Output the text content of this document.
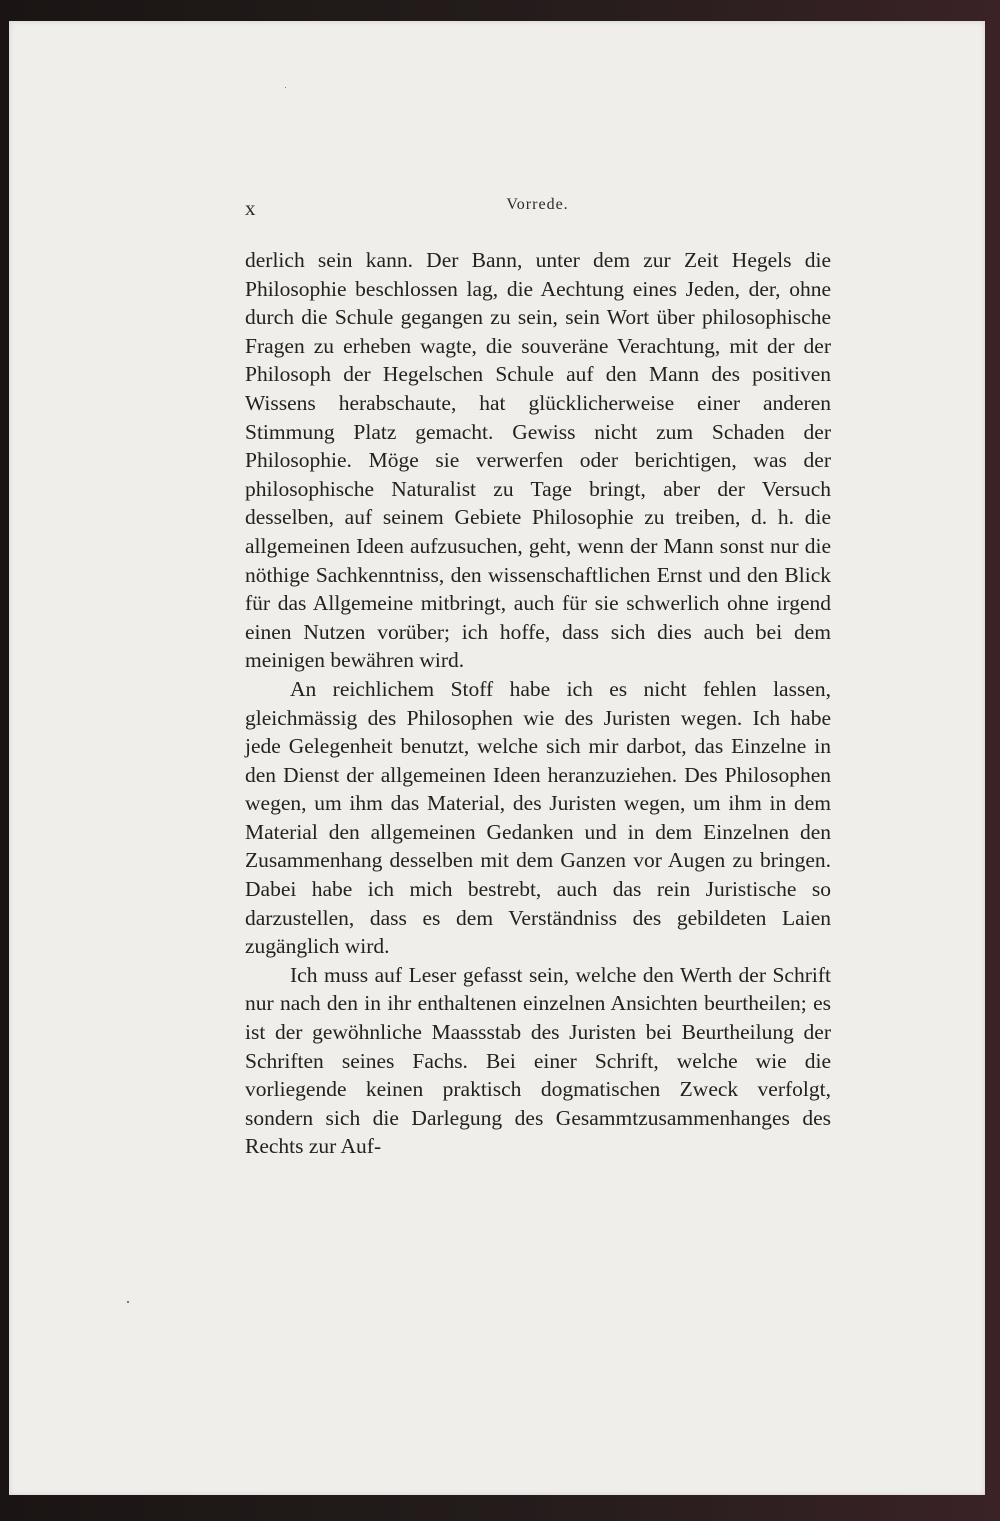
x	Vorrede.

derlich sein kann. Der Bann, unter dem zur Zeit Hegels die Philosophie beschlossen lag, die Aechtung eines Jeden, der, ohne durch die Schule gegangen zu sein, sein Wort über philosophische Fragen zu erheben wagte, die souveräne Verachtung, mit der der Philosoph der Hegelschen Schule auf den Mann des positiven Wissens herabschaute, hat glücklicherweise einer anderen Stimmung Platz gemacht. Gewiss nicht zum Schaden der Philosophie. Möge sie verwerfen oder berichtigen, was der philosophische Naturalist zu Tage bringt, aber der Versuch desselben, auf seinem Gebiete Philosophie zu treiben, d. h. die allgemeinen Ideen aufzusuchen, geht, wenn der Mann sonst nur die nöthige Sachkenntniss, den wissenschaftlichen Ernst und den Blick für das Allgemeine mitbringt, auch für sie schwerlich ohne irgend einen Nutzen vorüber; ich hoffe, dass sich dies auch bei dem meinigen bewähren wird.

An reichlichem Stoff habe ich es nicht fehlen lassen, gleichmässig des Philosophen wie des Juristen wegen. Ich habe jede Gelegenheit benutzt, welche sich mir darbot, das Einzelne in den Dienst der allgemeinen Ideen heranzuziehen. Des Philosophen wegen, um ihm das Material, des Juristen wegen, um ihm in dem Material den allgemeinen Gedanken und in dem Einzelnen den Zusammenhang desselben mit dem Ganzen vor Augen zu bringen. Dabei habe ich mich bestrebt, auch das rein Juristische so darzustellen, dass es dem Verständniss des gebildeten Laien zugänglich wird.

Ich muss auf Leser gefasst sein, welche den Werth der Schrift nur nach den in ihr enthaltenen einzelnen Ansichten beurtheilen; es ist der gewöhnliche Maassstab des Juristen bei Beurtheilung der Schriften seines Fachs. Bei einer Schrift, welche wie die vorliegende keinen praktisch dogmatischen Zweck verfolgt, sondern sich die Darlegung des Gesammtzusammenhanges des Rechts zur Auf-
